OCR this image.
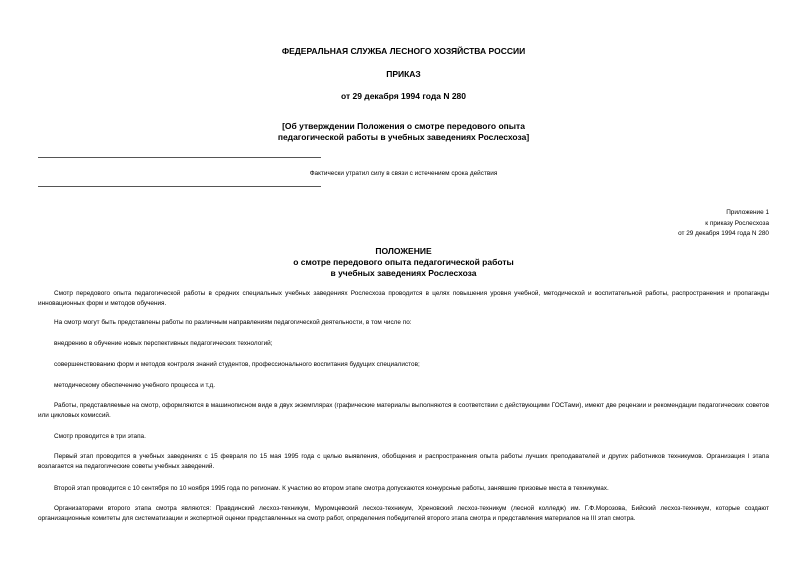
ФЕДЕРАЛЬНАЯ СЛУЖБА ЛЕСНОГО ХОЗЯЙСТВА РОССИИ
ПРИКАЗ
от 29 декабря 1994 года N 280
[Об утверждении Положения о смотре передового опыта
педагогической работы в учебных заведениях Рослесхоза]
Фактически утратил силу в связи с истечением срока действия
Приложение 1
к приказу Рослесхоза
от 29 декабря 1994 года N 280
ПОЛОЖЕНИЕ
о смотре передового опыта педагогической работы
в учебных заведениях Рослесхоза
Смотр передового опыта педагогической работы в средних специальных учебных заведениях Рослесхоза проводится в целях повышения уровня учебной, методической и воспитательной работы, распространения и пропаганды инновационных форм и методов обучения.
На смотр могут быть представлены работы по различным направлениям педагогической деятельности, в том числе по:
внедрению в обучение новых перспективных педагогических технологий;
совершенствованию форм и методов контроля знаний студентов, профессионального воспитания будущих специалистов;
методическому обеспечению учебного процесса и т.д.
Работы, представляемые на смотр, оформляются в машинописном виде в двух экземплярах (графические материалы выполняются в соответствии с действующими ГОСТами), имеют две рецензии и рекомендации педагогических советов или цикловых комиссий.
Смотр проводится в три этапа.
Первый этап проводится в учебных заведениях с 15 февраля по 15 мая 1995 года с целью выявления, обобщения и распространения опыта работы лучших преподавателей и других работников техникумов. Организация I этапа возлагается на педагогические советы учебных заведений.
Второй этап проводится с 10 сентября по 10 ноября 1995 года по регионам. К участию во втором этапе смотра допускаются конкурсные работы, занявшие призовые места в техникумах.
Организаторами второго этапа смотра являются: Правдинский лесхоз-техникум, Муромцевский лесхоз-техникум, Хреновский лесхоз-техникум (лесной колледж) им. Г.Ф.Морозова, Бийский лесхоз-техникум, которые создают организационные комитеты для систематизации и экспертной оценки представленных на смотр работ, определения победителей второго этапа смотра и представления материалов на III этап смотра.
